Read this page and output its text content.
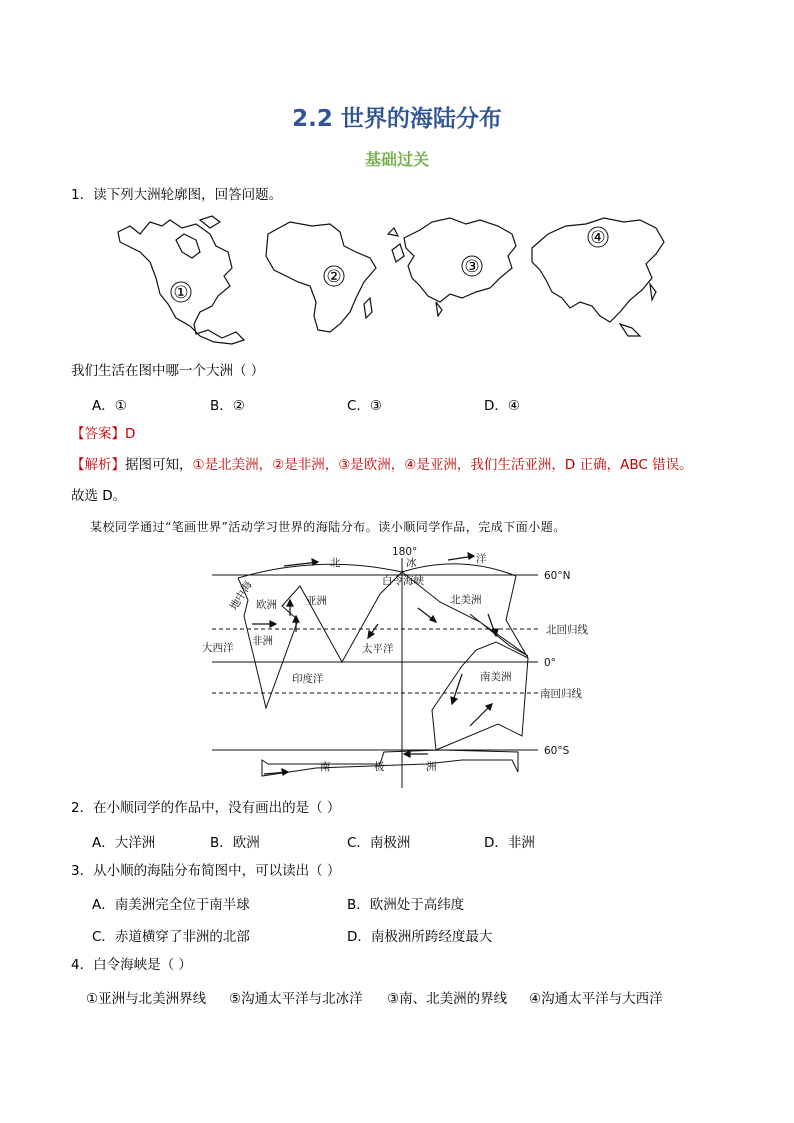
2.2 世界的海陆分布
基础过关
1．读下列大洲轮廓图，回答问题。
①
②	③
④
我们生活在图中哪一个大洲（ ）
A．①	B．②	C．③	D．④
【答案】D
【解析】据图可知，①是北美洲，②是非洲，③是欧洲，④是亚洲，我们生活亚洲，D 正确，ABC 错误。
故选 D。
某校同学通过“笔画世界”活动学习世界的海陆分布。读小顺同学作品，完成下面小题。
180°
北	冰	洋
白令海峡	60°N
地中海 欧洲	亚洲	北美洲
北回归线
大西洋
非洲
太平洋
0°
印度洋	南美洲
南回归线
60°S
南	极	洲
2．在小顺同学的作品中，没有画出的是（ ）
A．大洋洲	B．欧洲	C．南极洲	D．非洲
3．从小顺的海陆分布简图中，可以读出（ ）
A．南美洲完全位于南半球	B．欧洲处于高纬度
C．赤道横穿了非洲的北部	D．南极洲所跨经度最大
4．白令海峡是（ ）
①亚洲与北美洲界线 ⑤沟通太平洋与北冰洋 ③南、北美洲的界线 ④沟通太平洋与大西洋
